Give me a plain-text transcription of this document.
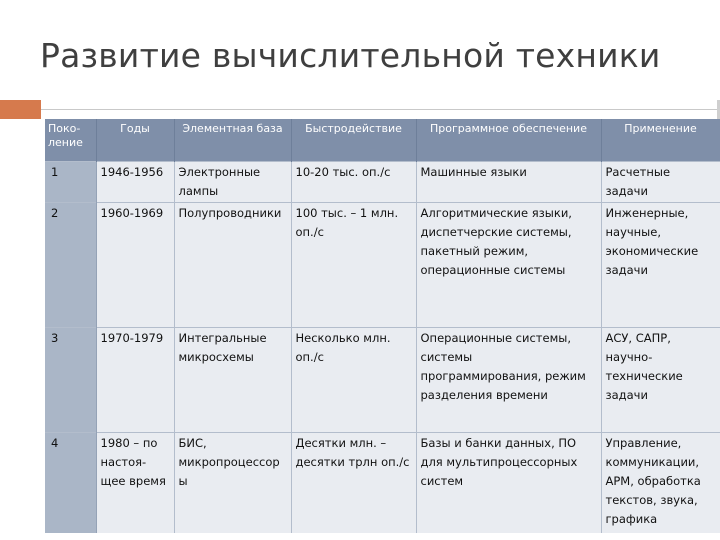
Развитие вычислительной техники
Поко-ление	Годы	Элементная база	Быстродействие	Программное обеспечение	Применение
1	1946-1956	Электронные лампы	10-20 тыс. оп./с	Машинные языки	Расчетные задачи
2	1960-1969	Полупроводники	100 тыс. – 1 млн. оп./с	Алгоритмические языки, диспетчерские системы, пакетный режим, операционные системы	Инженерные, научные, экономические задачи
3	1970-1979	Интегральные микросхемы	Несколько млн. оп./с	Операционные системы, системы программирования, режим разделения времени	АСУ, САПР, научно-технические задачи
4	1980 – по настоя-щее время	БИС, микропроцессор ы	Десятки млн. – десятки трлн оп./с	Базы и банки данных, ПО для мультипроцессорных систем	Управление, коммуникации, АРМ, обработка текстов, звука, графика
